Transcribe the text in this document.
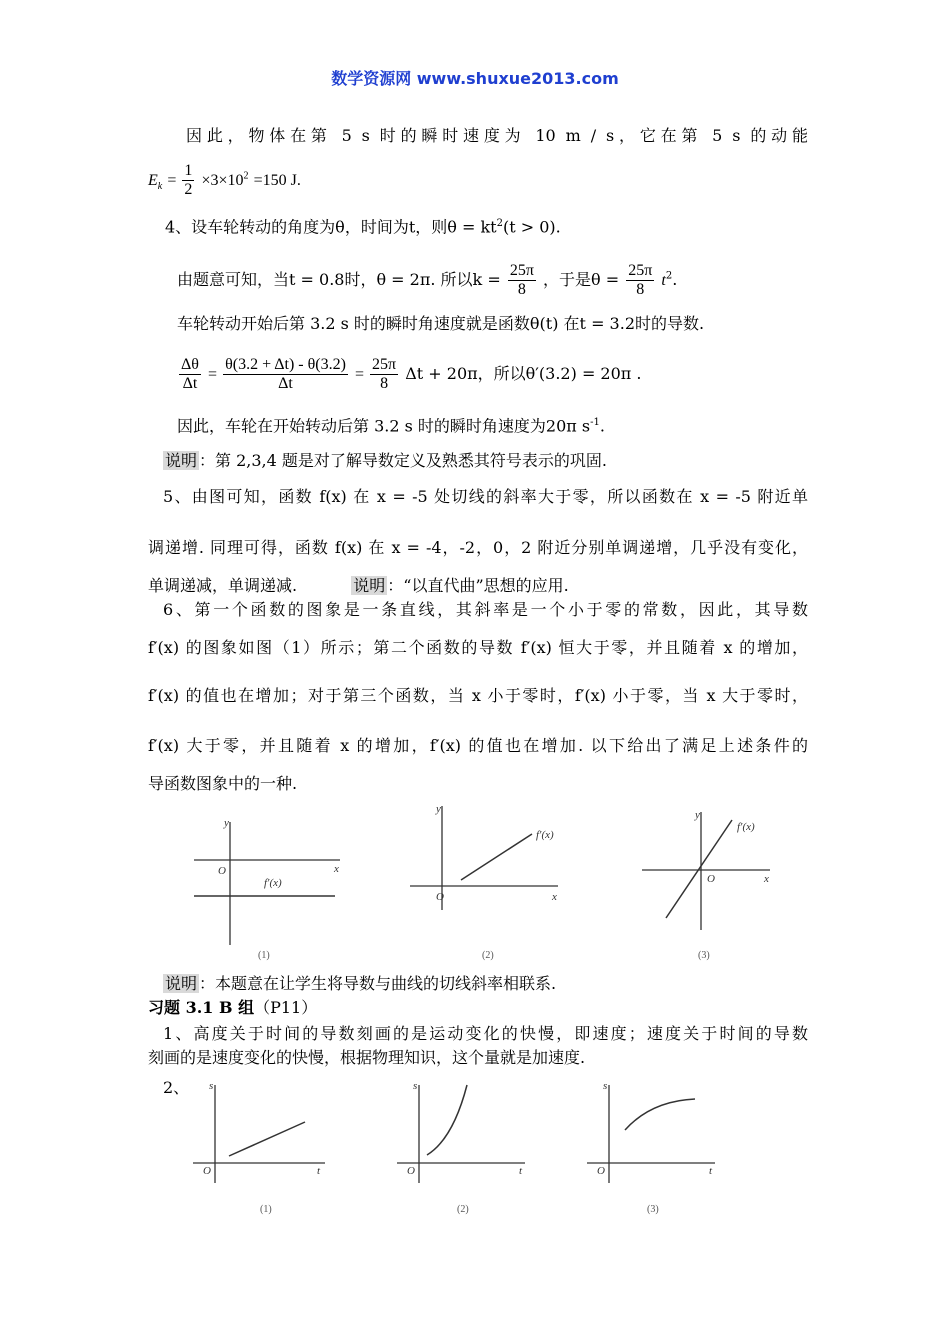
数学资源网 www.shuxue2013.com
因此，物体在第 5 s 时的瞬时速度为 10 m / s，它在第 5 s 的动能
$E_k = \frac{1}{2} \times 3\times 10^2 =150$ J.
4、设车轮转动的角度为θ，时间为t，则$\theta = kt^2(t > 0)$.
由题意可知，当t = 0.8时，θ = 2π. 所以$k = \frac{25\pi}{8}$ ，于是$\theta = \frac{25\pi}{8} t^2$.
车轮转动开始后第 3.2 s 时的瞬时角速度就是函数θ(t) 在t = 3.2时的导数.
$\frac{\Delta\theta}{\Delta t} = \frac{\theta(3.2 + \Delta t) - \theta(3.2)}{\Delta t} = \frac{25\pi}{8}$ Δt + 20π，所以θ′(3.2) = 20π .
因此，车轮在开始转动后第 3.2 s 时的瞬时角速度为20π $s^{-1}$.
说明 ：第 2,3,4 题是对了解导数定义及熟悉其符号表示的巩固.
5、由图可知，函数 f(x) 在 x = -5 处切线的斜率大于零，所以函数在 x = -5 附近单
调递增. 同理可得，函数 f(x) 在 x = -4，-2，0，2 附近分别单调递增，几乎没有变化，
单调递减，单调递减.	说明 ：“以直代曲”思想的应用.
6、第一个函数的图象是一条直线，其斜率是一个小于零的常数，因此，其导数
f′(x) 的图象如图（1）所示；第二个函数的导数 f′(x) 恒大于零，并且随着 x 的增加，
f′(x) 的值也在增加；对于第三个函数，当 x 小于零时，f′(x) 小于零，当 x 大于零时，
f′(x) 大于零，并且随着 x 的增加，f′(x) 的值也在增加. 以下给出了满足上述条件的
导函数图象中的一种.
y
x
O
f′(x)
(1)
y
x
O
f′(x)
(2)
y
x
O
f′(x)
(3)
说明 ：本题意在让学生将导数与曲线的切线斜率相联系.
习题 3.1 B 组（P11）
1、高度关于时间的导数刻画的是运动变化的快慢，即速度；速度关于时间的导数
刻画的是速度变化的快慢，根据物理知识，这个量就是加速度.
2、	s
t
O
(1)
s
t
O
(2)
s
t
O
(3)
